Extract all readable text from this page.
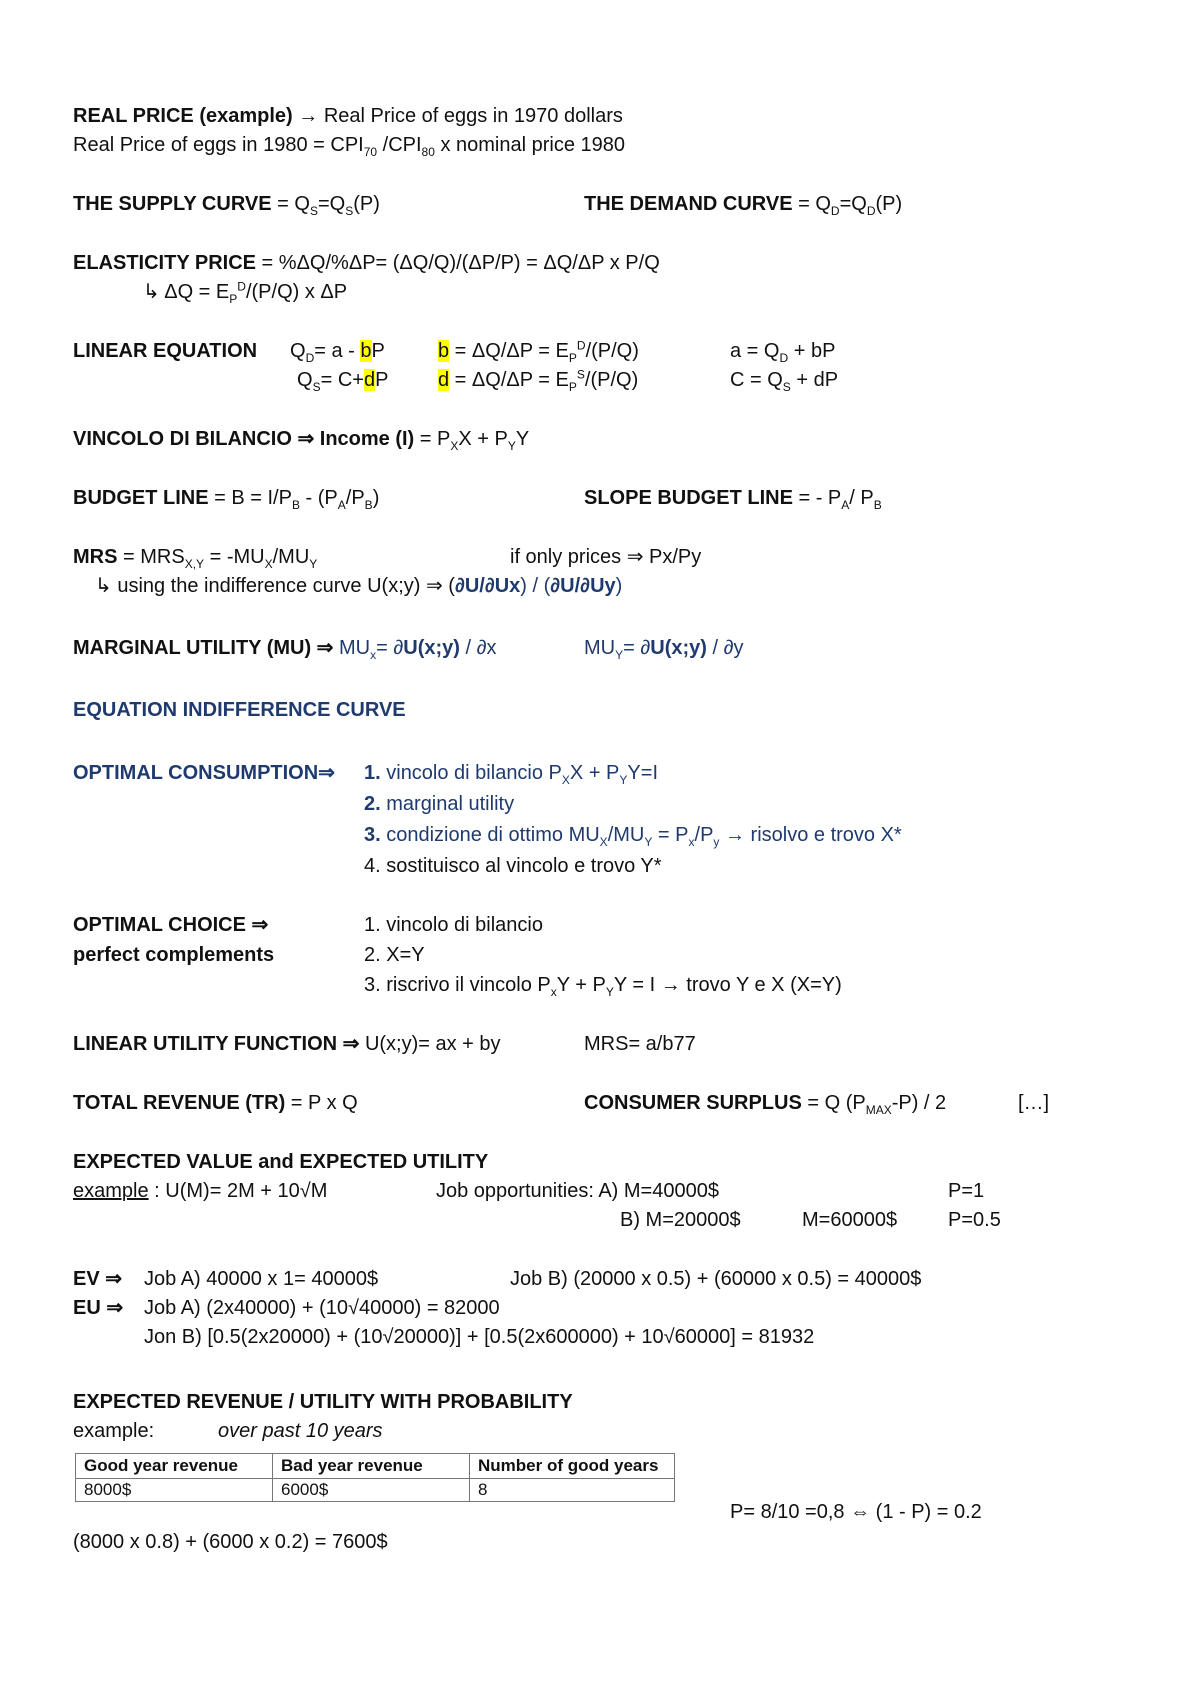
REAL PRICE (example) → Real Price of eggs in 1970 dollars
Real Price of eggs in $1980 = CPI_{70}$ $/CPI_{80}$ x nominal price 1980
THE SUPPLY CURVE = $Q_S=Q_S(P)$	THE DEMAND CURVE = $Q_D=Q_D(P)$
ELASTICITY PRICE = %ΔQ/%ΔP= (ΔQ/Q)/(ΔP/P) = ΔQ/ΔP x P/Q
↳ $\Delta Q = E_P^D/(P/Q)$ x ΔP
LINEAR EQUATION $Q_D= a$ - bP	$b = \Delta Q/\Delta P = E_P^D/(P/Q)$	$a = Q_D$ + bP
$Q_S= C+dP$ $d = \Delta Q/\Delta P = E_P^S/(P/Q)$	$C = Q_S$ + dP
VINCOLO DI BILANCIO ⇒ Income $(I) = P_XX + P_YY$
BUDGET LINE = $B = I/P_B - (P_A/P_B)$	SLOPE BUDGET LINE = - $P_A/$ $P_B$
MRS = $MRS_{X,Y} = -MU_X/MU_Y$	if only prices ⇒ Px/Py
↳ using the indifference curve U(x;y) ⇒ (∂U/∂Ux) / (∂U/∂Uy)
MARGINAL UTILITY (MU) ⇒ $MU_x=$ ∂U(x;y) / ∂x	$MU_Y=$ ∂U(x;y) / ∂y
EQUATION INDIFFERENCE CURVE
OPTIMAL CONSUMPTION⇒ 1. vincolo di bilancio $P_XX + P_YY=I$
2. marginal utility
3. condizione di ottimo $MU_X/MU_Y = P_x/P_y$ → risolvo e trovo X*
4. sostituisco al vincolo e trovo Y*
OPTIMAL CHOICE ⇒
perfect complements
1. vincolo di bilancio
2. X=Y
3. riscrivo il vincolo $P_xY + P_YY = I$ → trovo Y e X (X=Y)
LINEAR UTILITY FUNCTION ⇒ U(x;y)= ax + by	MRS= a/b77
TOTAL REVENUE (TR) = P x Q	CONSUMER SURPLUS = Q $(P_{MAX}-P) / 2$	[…]
EXPECTED VALUE and EXPECTED UTILITY
example : U(M)= 2M + 10√M	Job opportunities: A) M=40000$	P=1
B) M=20000$	M=60000$	P=0.5
EV ⇒ Job A) 40000 x 1= 40000$	Job B) (20000 x 0.5) + (60000 x 0.5) = 40000$
EU ⇒ Job A) (2x40000) + (10√40000) = 82000
Jon B) [0.5(2x20000) + (10√20000)] + [0.5(2x600000) + 10√60000] = 81932
EXPECTED REVENUE / UTILITY WITH PROBABILITY
example:	over past 10 years
Good year revenue	Bad year revenue	Number of good years
8000$	6000$	8
P= 8/10 =0,8 ⇔ (1 - P) = 0.2
(8000 x 0.8) + (6000 x 0.2) = 7600$
